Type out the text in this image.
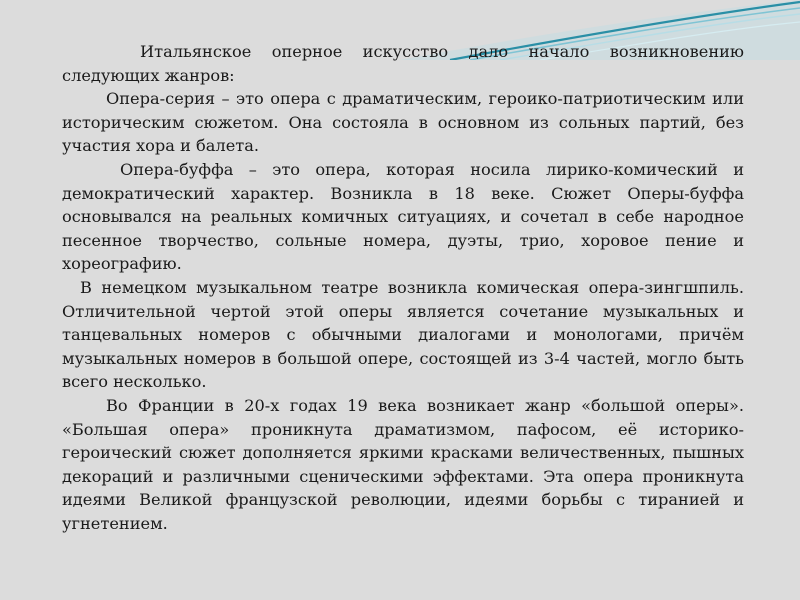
Итальянское оперное искусство дало начало возникновению следующих жанров:

Опера-серия – это опера с драматическим, героико-патриотическим или историческим сюжетом. Она состояла в основном из сольных партий, без участия хора и балета.

Опера-буффа – это опера, которая носила лирико-комический и демократический характер. Возникла в 18 веке. Сюжет Оперы-буффа основывался на реальных комичных ситуациях, и сочетал в себе народное песенное творчество, сольные номера, дуэты, трио, хоровое пение и хореографию.

В немецком музыкальном театре возникла комическая опера-зингшпиль. Отличительной чертой этой оперы является сочетание музыкальных и танцевальных номеров с обычными диалогами и монологами, причём музыкальных номеров в большой опере, состоящей из 3-4 частей, могло быть всего несколько.

Во Франции в 20-х годах 19 века возникает жанр «большой оперы». «Большая опера» проникнута драматизмом, пафосом, её историко-героический сюжет дополняется яркими красками величественных, пышных декораций и различными сценическими эффектами. Эта опера проникнута идеями Великой французской революции, идеями борьбы с тиранией и угнетением.
